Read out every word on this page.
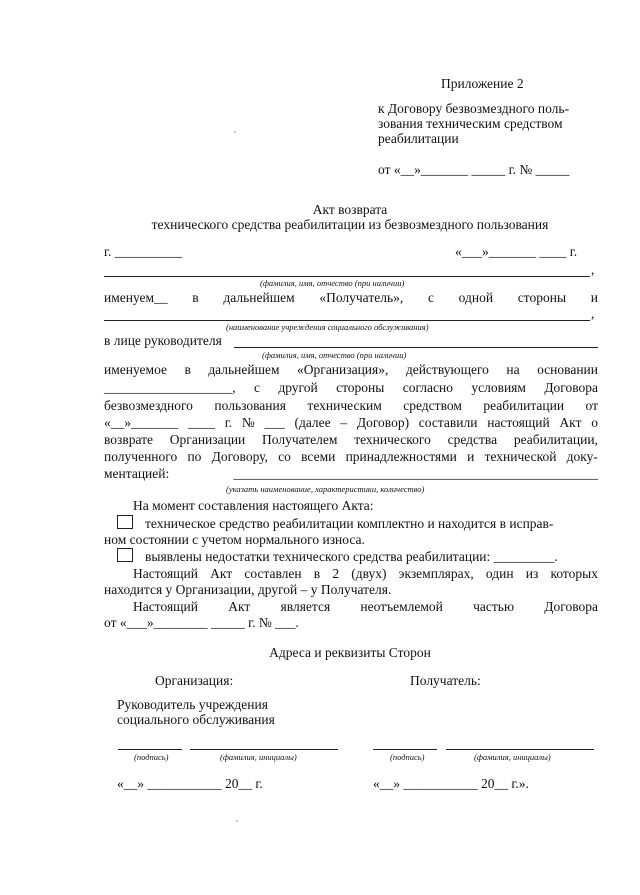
Приложение 2
к Договору безвозмездного поль-
зования техническим средством
реабилитации
от «__»_______ _____ г. № _____
Акт возврата
технического средства реабилитации из безвозмездного пользования
г. __________	«___»_______ ____ г.
,
(фамилия, имя, отчество (при наличии)
именуем__ в дальнейшем «Получатель», с одной стороны и
,
(наименование учреждения социального обслуживания)
в лице руководителя
(фамилия, имя, отчество (при наличии)
именуемое в дальнейшем «Организация», действующего на основании
___________________, с другой стороны согласно условиям Договора
безвозмездного пользования техническим средством реабилитации от
«__»_______ ____ г. № ___ (далее – Договор) составили настоящий Акт о
возврате Организации Получателем технического средства реабилитации,
полученного по Договору, со всеми принадлежностями и технической доку-
ментацией:	______________________________________________________
(указать наименование, характеристики, количество)
На момент составления настоящего Акта:
техническое средство реабилитации комплектно и находится в исправ-
ном состоянии с учетом нормального износа.
выявлены недостатки технического средства реабилитации: _________.
Настоящий Акт составлен в 2 (двух) экземплярах, один из которых
находится у Организации, другой – у Получателя.
Настоящий Акт является неотъемлемой частью Договора
от «___»________ _____ г. № ___.
Адреса и реквизиты Сторон
Организация:	Получатель:
Руководитель учреждения
социального обслуживания
(подпись)	(фамилия, инициалы)	(подпись)	(фамилия, инициалы)
«__» ___________ 20__ г.	«__» ___________ 20__ г.».
